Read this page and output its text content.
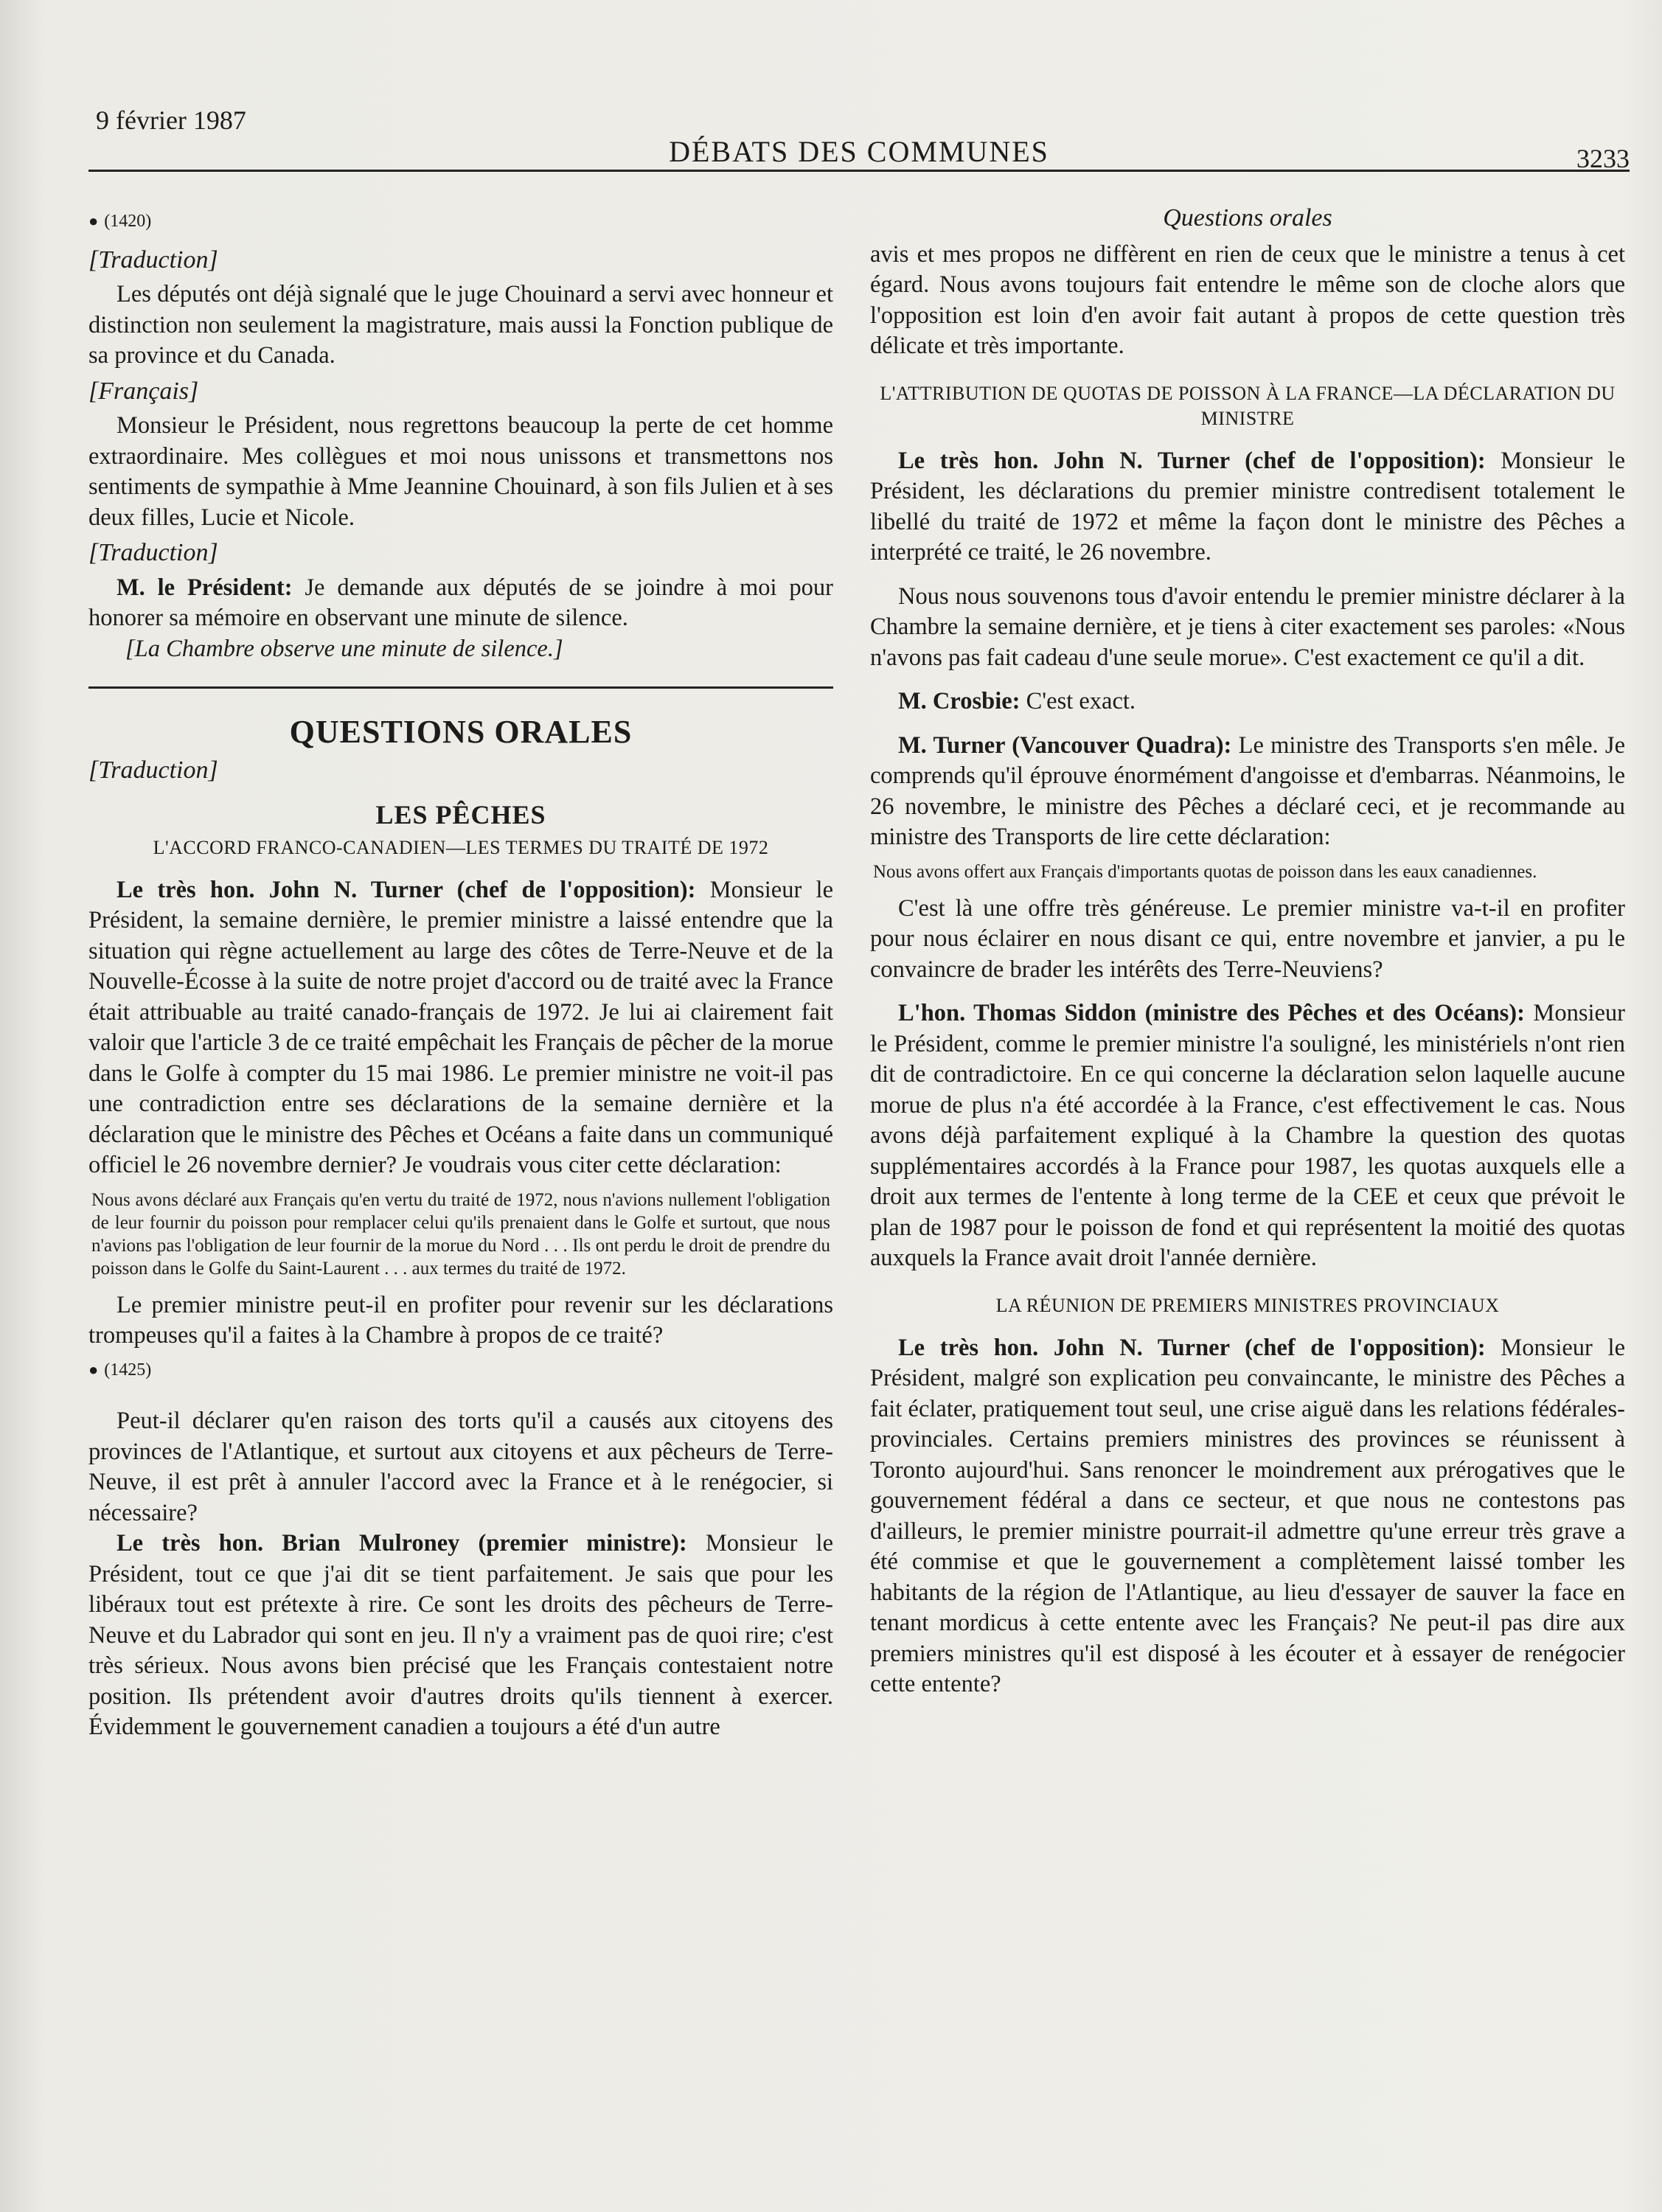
9 février 1987
DÉBATS DES COMMUNES	3233
● (1420)
[Traduction]

Les députés ont déjà signalé que le juge Chouinard a servi avec honneur et distinction non seulement la magistrature, mais aussi la Fonction publique de sa province et du Canada.

[Français]

Monsieur le Président, nous regrettons beaucoup la perte de cet homme extraordinaire. Mes collègues et moi nous unissons et transmettons nos sentiments de sympathie à Mme Jeannine Chouinard, à son fils Julien et à ses deux filles, Lucie et Nicole.

[Traduction]

M. le Président: Je demande aux députés de se joindre à moi pour honorer sa mémoire en observant une minute de silence.

[La Chambre observe une minute de silence.]

QUESTIONS ORALES
[Traduction]
LES PÊCHES
L'ACCORD FRANCO-CANADIEN—LES TERMES DU TRAITÉ DE 1972

Le très hon. John N. Turner (chef de l'opposition): Monsieur le Président, la semaine dernière, le premier ministre a laissé entendre que la situation qui règne actuellement au large des côtes de Terre-Neuve et de la Nouvelle-Écosse à la suite de notre projet d'accord ou de traité avec la France était attribuable au traité canado-français de 1972. Je lui ai clairement fait valoir que l'article 3 de ce traité empêchait les Français de pêcher de la morue dans le Golfe à compter du 15 mai 1986. Le premier ministre ne voit-il pas une contradiction entre ses déclarations de la semaine dernière et la déclaration que le ministre des Pêches et Océans a faite dans un communiqué officiel le 26 novembre dernier? Je voudrais vous citer cette déclaration:

Nous avons déclaré aux Français qu'en vertu du traité de 1972, nous n'avions nullement l'obligation de leur fournir du poisson pour remplacer celui qu'ils prenaient dans le Golfe et surtout, que nous n'avions pas l'obligation de leur fournir de la morue du Nord . . . Ils ont perdu le droit de prendre du poisson dans le Golfe du Saint-Laurent . . . aux termes du traité de 1972.

Le premier ministre peut-il en profiter pour revenir sur les déclarations trompeuses qu'il a faites à la Chambre à propos de ce traité?

● (1425)

Peut-il déclarer qu'en raison des torts qu'il a causés aux citoyens des provinces de l'Atlantique, et surtout aux citoyens et aux pêcheurs de Terre-Neuve, il est prêt à annuler l'accord avec la France et à le renégocier, si nécessaire?

Le très hon. Brian Mulroney (premier ministre): Monsieur le Président, tout ce que j'ai dit se tient parfaitement. Je sais que pour les libéraux tout est prétexte à rire. Ce sont les droits des pêcheurs de Terre-Neuve et du Labrador qui sont en jeu. Il n'y a vraiment pas de quoi rire; c'est très sérieux. Nous avons bien précisé que les Français contestaient notre position. Ils prétendent avoir d'autres droits qu'ils tiennent à exercer. Évidemment le gouvernement canadien a toujours a été d'un autre

Questions orales

avis et mes propos ne diffèrent en rien de ceux que le ministre a tenus à cet égard. Nous avons toujours fait entendre le même son de cloche alors que l'opposition est loin d'en avoir fait autant à propos de cette question très délicate et très importante.

L'ATTRIBUTION DE QUOTAS DE POISSON À LA FRANCE—LA DÉCLARATION DU MINISTRE

Le très hon. John N. Turner (chef de l'opposition): Monsieur le Président, les déclarations du premier ministre contredisent totalement le libellé du traité de 1972 et même la façon dont le ministre des Pêches a interprété ce traité, le 26 novembre.

Nous nous souvenons tous d'avoir entendu le premier ministre déclarer à la Chambre la semaine dernière, et je tiens à citer exactement ses paroles: «Nous n'avons pas fait cadeau d'une seule morue». C'est exactement ce qu'il a dit.

M. Crosbie: C'est exact.

M. Turner (Vancouver Quadra): Le ministre des Transports s'en mêle. Je comprends qu'il éprouve énormément d'angoisse et d'embarras. Néanmoins, le 26 novembre, le ministre des Pêches a déclaré ceci, et je recommande au ministre des Transports de lire cette déclaration:

Nous avons offert aux Français d'importants quotas de poisson dans les eaux canadiennes.

C'est là une offre très généreuse. Le premier ministre va-t-il en profiter pour nous éclairer en nous disant ce qui, entre novembre et janvier, a pu le convaincre de brader les intérêts des Terre-Neuviens?

L'hon. Thomas Siddon (ministre des Pêches et des Océans): Monsieur le Président, comme le premier ministre l'a souligné, les ministériels n'ont rien dit de contradictoire. En ce qui concerne la déclaration selon laquelle aucune morue de plus n'a été accordée à la France, c'est effectivement le cas. Nous avons déjà parfaitement expliqué à la Chambre la question des quotas supplémentaires accordés à la France pour 1987, les quotas auxquels elle a droit aux termes de l'entente à long terme de la CEE et ceux que prévoit le plan de 1987 pour le poisson de fond et qui représentent la moitié des quotas auxquels la France avait droit l'année dernière.

LA RÉUNION DE PREMIERS MINISTRES PROVINCIAUX

Le très hon. John N. Turner (chef de l'opposition): Monsieur le Président, malgré son explication peu convaincante, le ministre des Pêches a fait éclater, pratiquement tout seul, une crise aiguë dans les relations fédérales-provinciales. Certains premiers ministres des provinces se réunissent à Toronto aujourd'hui. Sans renoncer le moindrement aux prérogatives que le gouvernement fédéral a dans ce secteur, et que nous ne contestons pas d'ailleurs, le premier ministre pourrait-il admettre qu'une erreur très grave a été commise et que le gouvernement a complètement laissé tomber les habitants de la région de l'Atlantique, au lieu d'essayer de sauver la face en tenant mordicus à cette entente avec les Français? Ne peut-il pas dire aux premiers ministres qu'il est disposé à les écouter et à essayer de renégocier cette entente?
